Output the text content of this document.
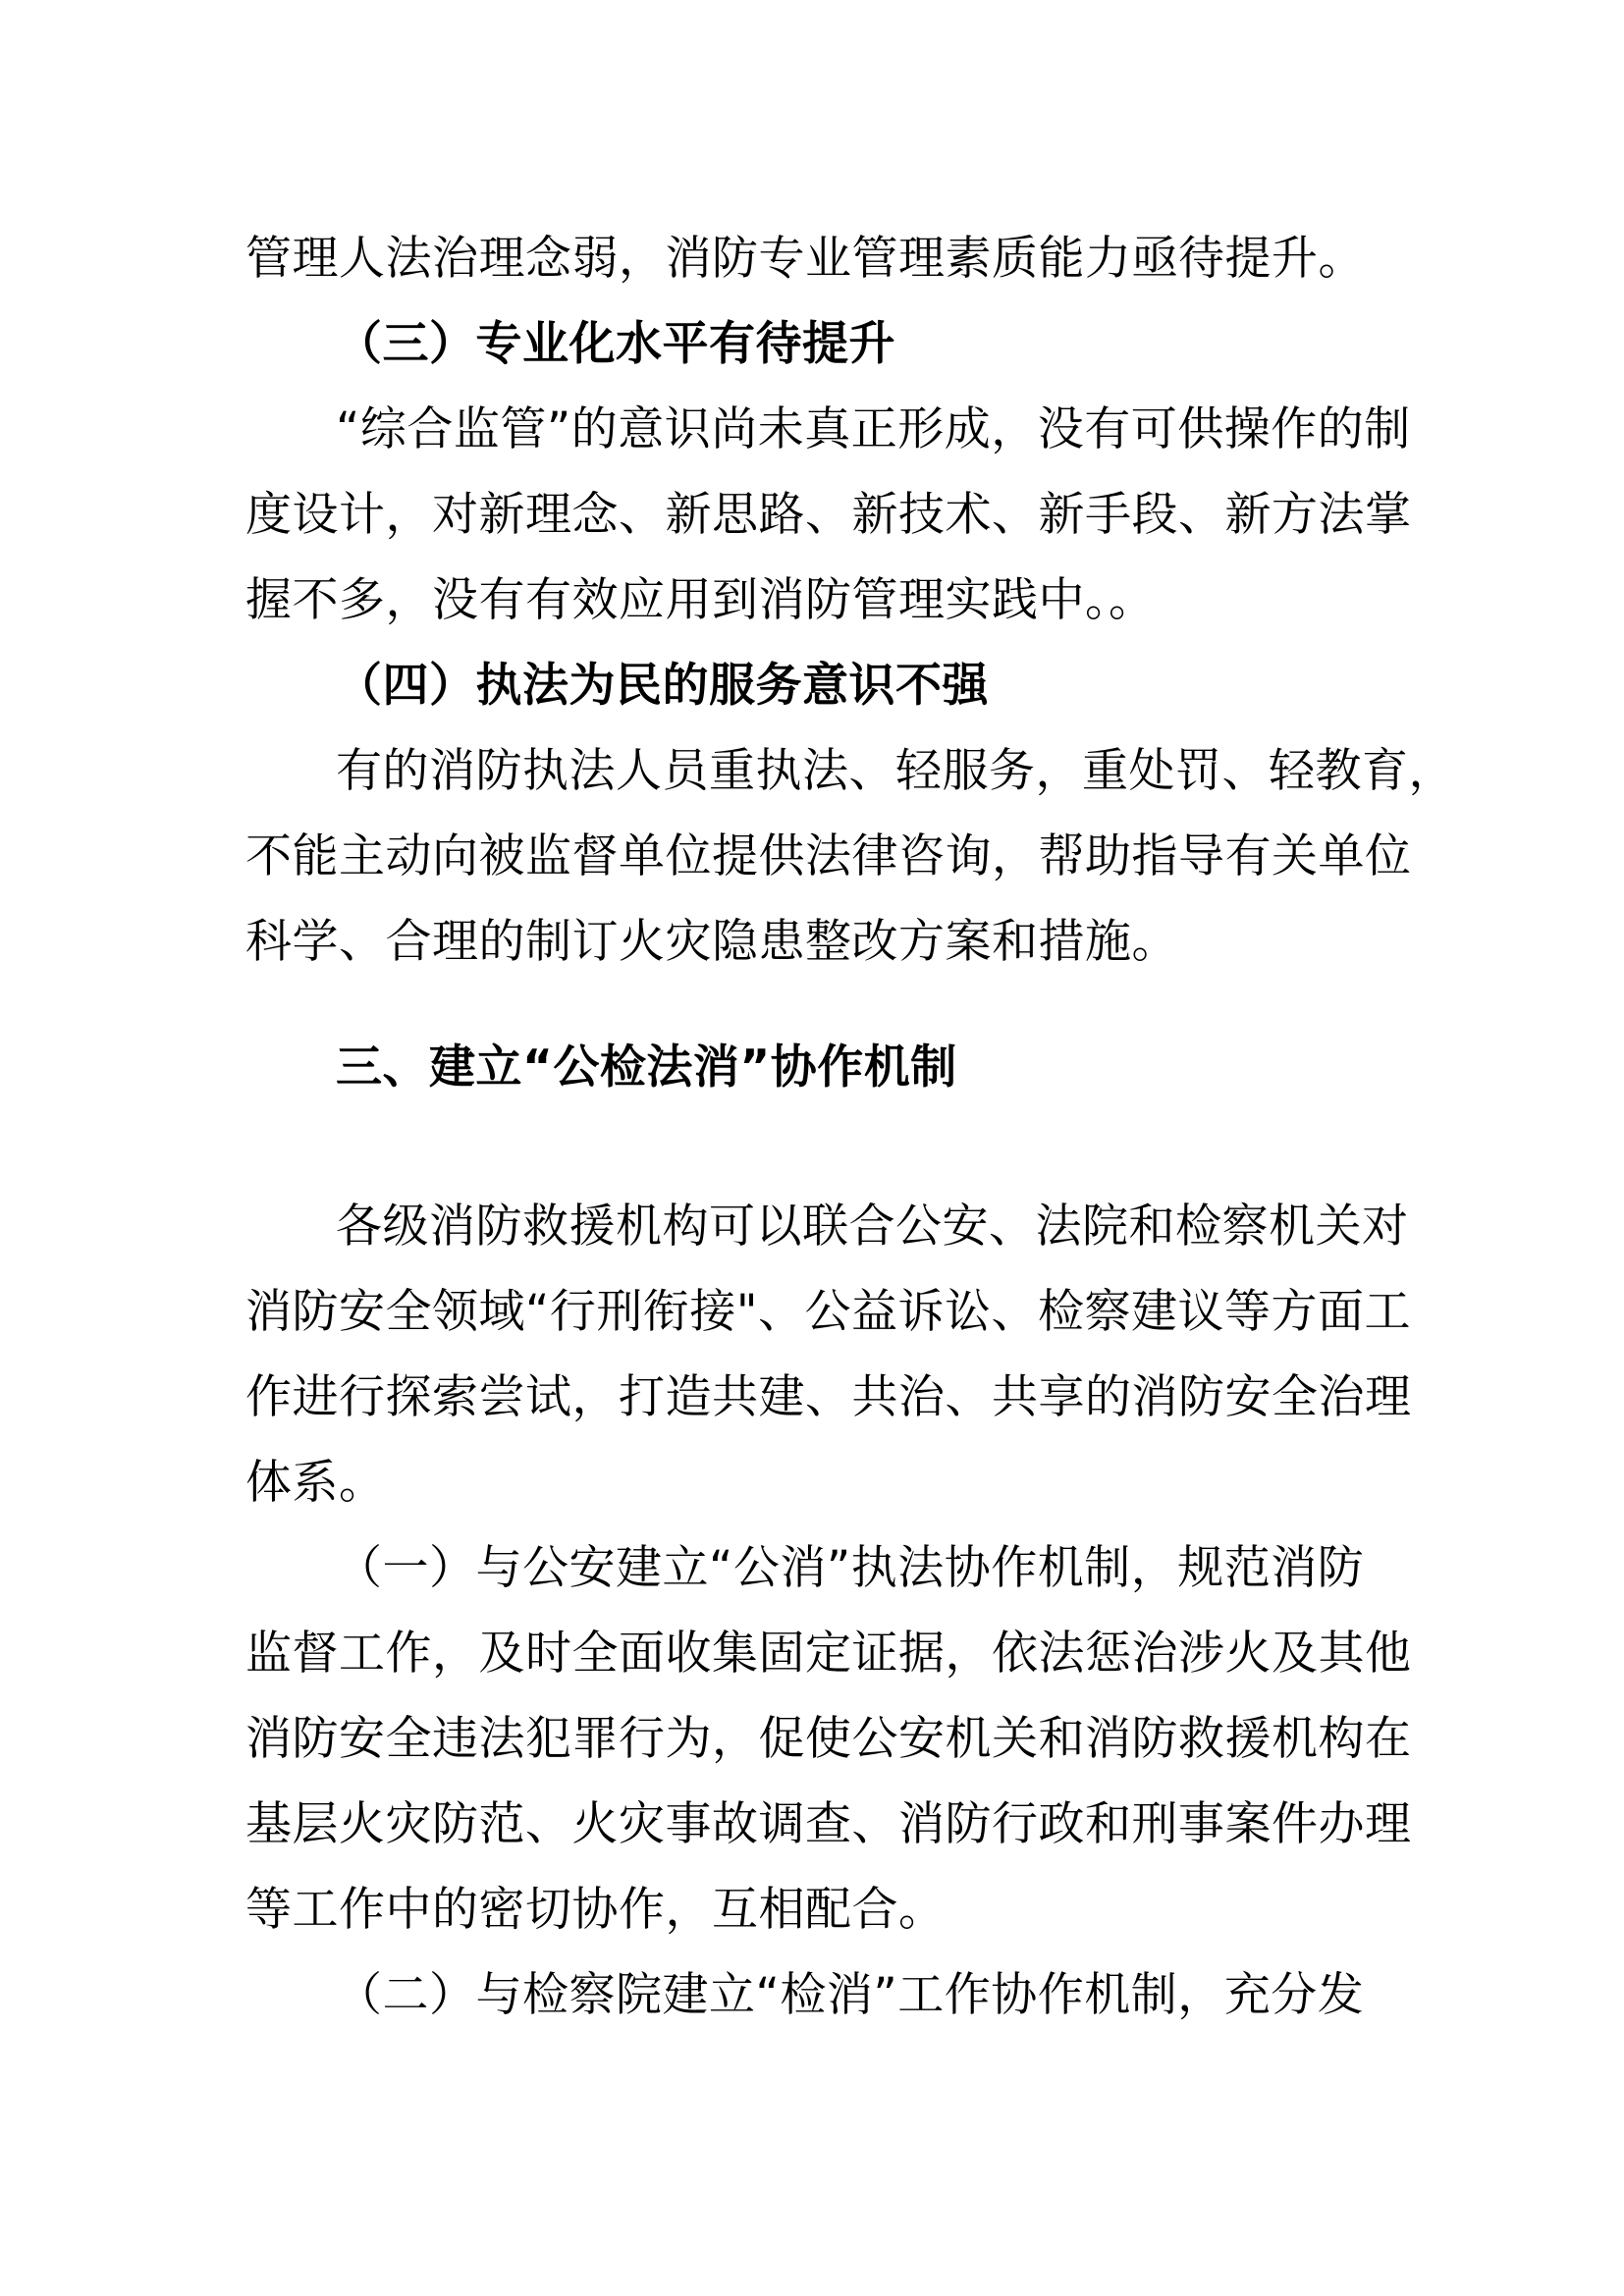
管理人法治理念弱，消防专业管理素质能力亟待提升。
（三）专业化水平有待提升
“综合监管”的意识尚未真正形成，没有可供操作的制
度设计，对新理念、新思路、新技术、新手段、新方法掌
握不多，没有有效应用到消防管理实践中。。
（四）执法为民的服务意识不强
有的消防执法人员重执法、轻服务，重处罚、轻教育，
不能主动向被监督单位提供法律咨询，帮助指导有关单位
科学、合理的制订火灾隐患整改方案和措施。
三、建立“公检法消”协作机制
各级消防救援机构可以联合公安、法院和检察机关对
消防安全领域“行刑衔接"、公益诉讼、检察建议等方面工
作进行探索尝试，打造共建、共治、共享的消防安全治理
体系。
（一）与公安建立“公消”执法协作机制，规范消防
监督工作，及时全面收集固定证据，依法惩治涉火及其他
消防安全违法犯罪行为，促使公安机关和消防救援机构在
基层火灾防范、火灾事故调查、消防行政和刑事案件办理
等工作中的密切协作，互相配合。
（二）与检察院建立“检消”工作协作机制，充分发
